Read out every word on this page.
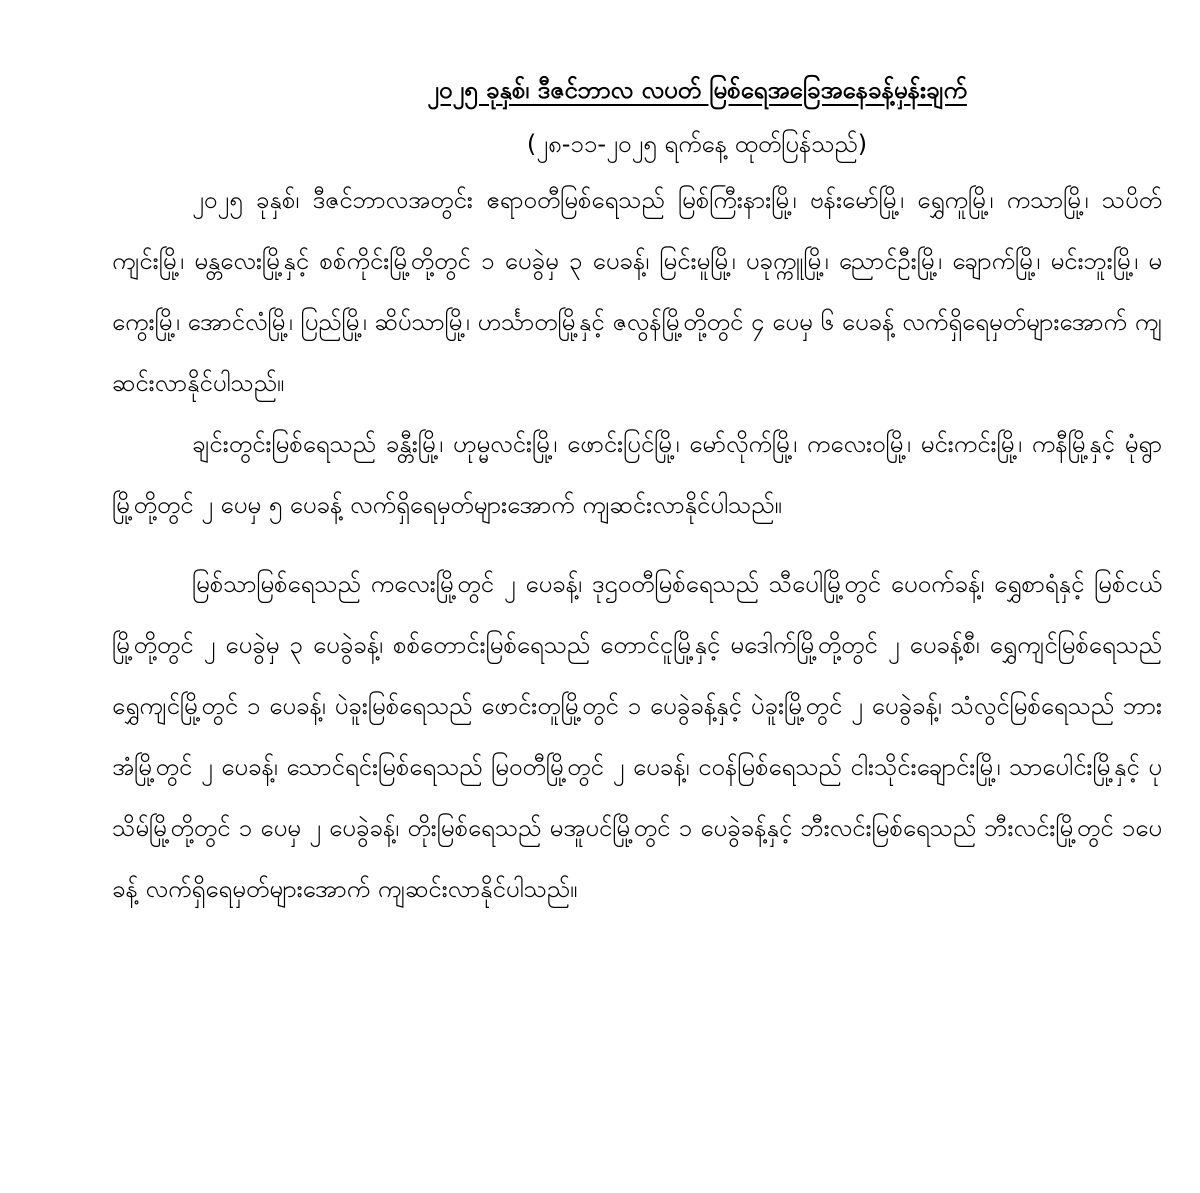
၂၀၂၅ ခုနှစ်၊ ဒီဇင်ဘာလ လပတ် မြစ်ရေအခြေအနေခန့်မှန်းချက်
(၂၈-၁၁-၂၀၂၅ ရက်နေ့ ထုတ်ပြန်သည်)

၂၀၂၅ ခုနှစ်၊ ဒီဇင်ဘာလအတွင်း ဧရာဝတီမြစ်ရေသည် မြစ်ကြီးနားမြို့၊ ဗန်းမော်မြို့၊ ရွှေကူမြို့၊ ကသာမြို့၊ သပိတ်ကျင်းမြို့၊ မန္တလေးမြို့နှင့် စစ်ကိုင်းမြို့တို့တွင် ၁ ပေခွဲမှ ၃ ပေခန့်၊ မြင်းမူမြို့၊ ပခုက္ကူမြို့၊ ညောင်ဦးမြို့၊ ချောက်မြို့၊ မင်းဘူးမြို့၊ မကွေးမြို့၊ အောင်လံမြို့၊ ပြည်မြို့၊ ဆိပ်သာမြို့၊ ဟင်္သာတမြို့နှင့် ဇလွန်မြို့တို့တွင် ၄ ပေမှ ၆ ပေခန့် လက်ရှိရေမှတ်များအောက် ကျဆင်းလာနိုင်ပါသည်။

ချင်းတွင်းမြစ်ရေသည် ခန္တီးမြို့၊ ဟုမ္မလင်းမြို့၊ ဖောင်းပြင်မြို့၊ မော်လိုက်မြို့၊ ကလေးဝမြို့၊ မင်းကင်းမြို့၊ ကနီမြို့နှင့် မုံရွာမြို့တို့တွင် ၂ ပေမှ ၅ ပေခန့် လက်ရှိရေမှတ်များအောက် ကျဆင်းလာနိုင်ပါသည်။

မြစ်သာမြစ်ရေသည် ကလေးမြို့တွင် ၂ ပေခန့်၊ ဒုဌဝတီမြစ်ရေသည် သီပေါမြို့တွင် ပေဝက်ခန့်၊ ရွှေစာရံနှင့် မြစ်ငယ်မြို့တို့တွင် ၂ ပေခွဲမှ ၃ ပေခွဲခန့်၊ စစ်တောင်းမြစ်ရေသည် တောင်ငူမြို့နှင့် မဒေါက်မြို့တို့တွင် ၂ ပေခန့်စီ၊ ရွှေကျင်မြစ်ရေသည် ရွှေကျင်မြို့တွင် ၁ ပေခန့်၊ ပဲခူးမြစ်ရေသည် ဖောင်းတူမြို့တွင် ၁ ပေခွဲခန့်နှင့် ပဲခူးမြို့တွင် ၂ ပေခွဲခန့်၊ သံလွင်မြစ်ရေသည် ဘားအံမြို့တွင် ၂ ပေခန့်၊ သောင်ရင်းမြစ်ရေသည် မြဝတီမြို့တွင် ၂ ပေခန့်၊ ငဝန်မြစ်ရေသည် ငါးသိုင်းချောင်းမြို့၊ သာပေါင်းမြို့နှင့် ပုသိမ်မြို့တို့တွင် ၁ ပေမှ ၂ ပေခွဲခန့်၊ တိုးမြစ်ရေသည် မအူပင်မြို့တွင် ၁ ပေခွဲခန့်နှင့် ဘီးလင်းမြစ်ရေသည် ဘီးလင်းမြို့တွင် ၁ပေခန့် လက်ရှိရေမှတ်များအောက် ကျဆင်းလာနိုင်ပါသည်။
